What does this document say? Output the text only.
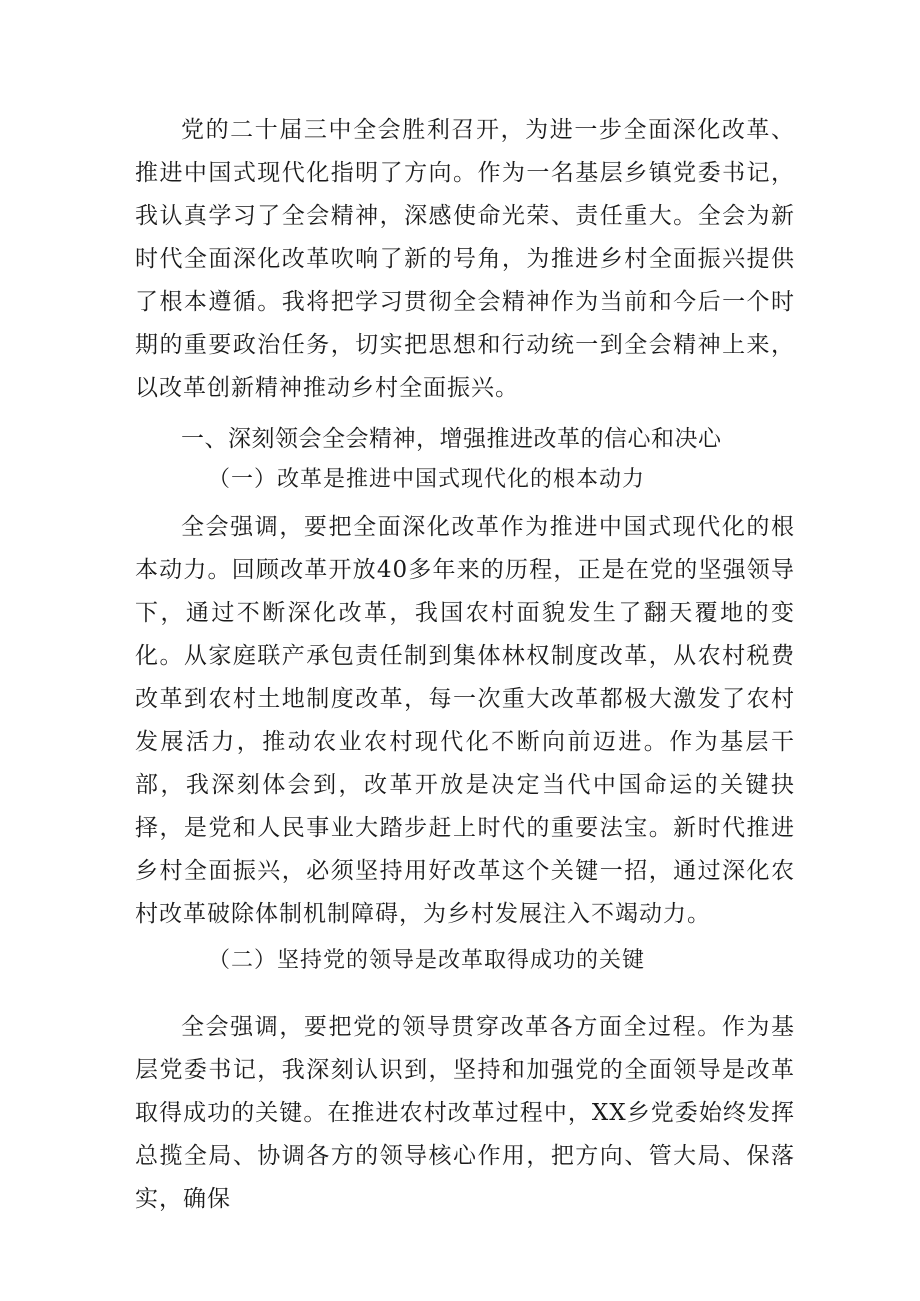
党的二十届三中全会胜利召开，为进一步全面深化改革、推进中国式现代化指明了方向。作为一名基层乡镇党委书记，我认真学习了全会精神，深感使命光荣、责任重大。全会为新时代全面深化改革吹响了新的号角，为推进乡村全面振兴提供了根本遵循。我将把学习贯彻全会精神作为当前和今后一个时期的重要政治任务，切实把思想和行动统一到全会精神上来，以改革创新精神推动乡村全面振兴。

一、深刻领会全会精神，增强推进改革的信心和决心
（一）改革是推进中国式现代化的根本动力

全会强调，要把全面深化改革作为推进中国式现代化的根本动力。回顾改革开放40多年来的历程，正是在党的坚强领导下，通过不断深化改革，我国农村面貌发生了翻天覆地的变化。从家庭联产承包责任制到集体林权制度改革，从农村税费改革到农村土地制度改革，每一次重大改革都极大激发了农村发展活力，推动农业农村现代化不断向前迈进。作为基层干部，我深刻体会到，改革开放是决定当代中国命运的关键抉择，是党和人民事业大踏步赶上时代的重要法宝。新时代推进乡村全面振兴，必须坚持用好改革这个关键一招，通过深化农村改革破除体制机制障碍，为乡村发展注入不竭动力。

（二）坚持党的领导是改革取得成功的关键

全会强调，要把党的领导贯穿改革各方面全过程。作为基层党委书记，我深刻认识到，坚持和加强党的全面领导是改革取得成功的关键。在推进农村改革过程中，XX乡党委始终发挥总揽全局、协调各方的领导核心作用，把方向、管大局、保落实，确保
